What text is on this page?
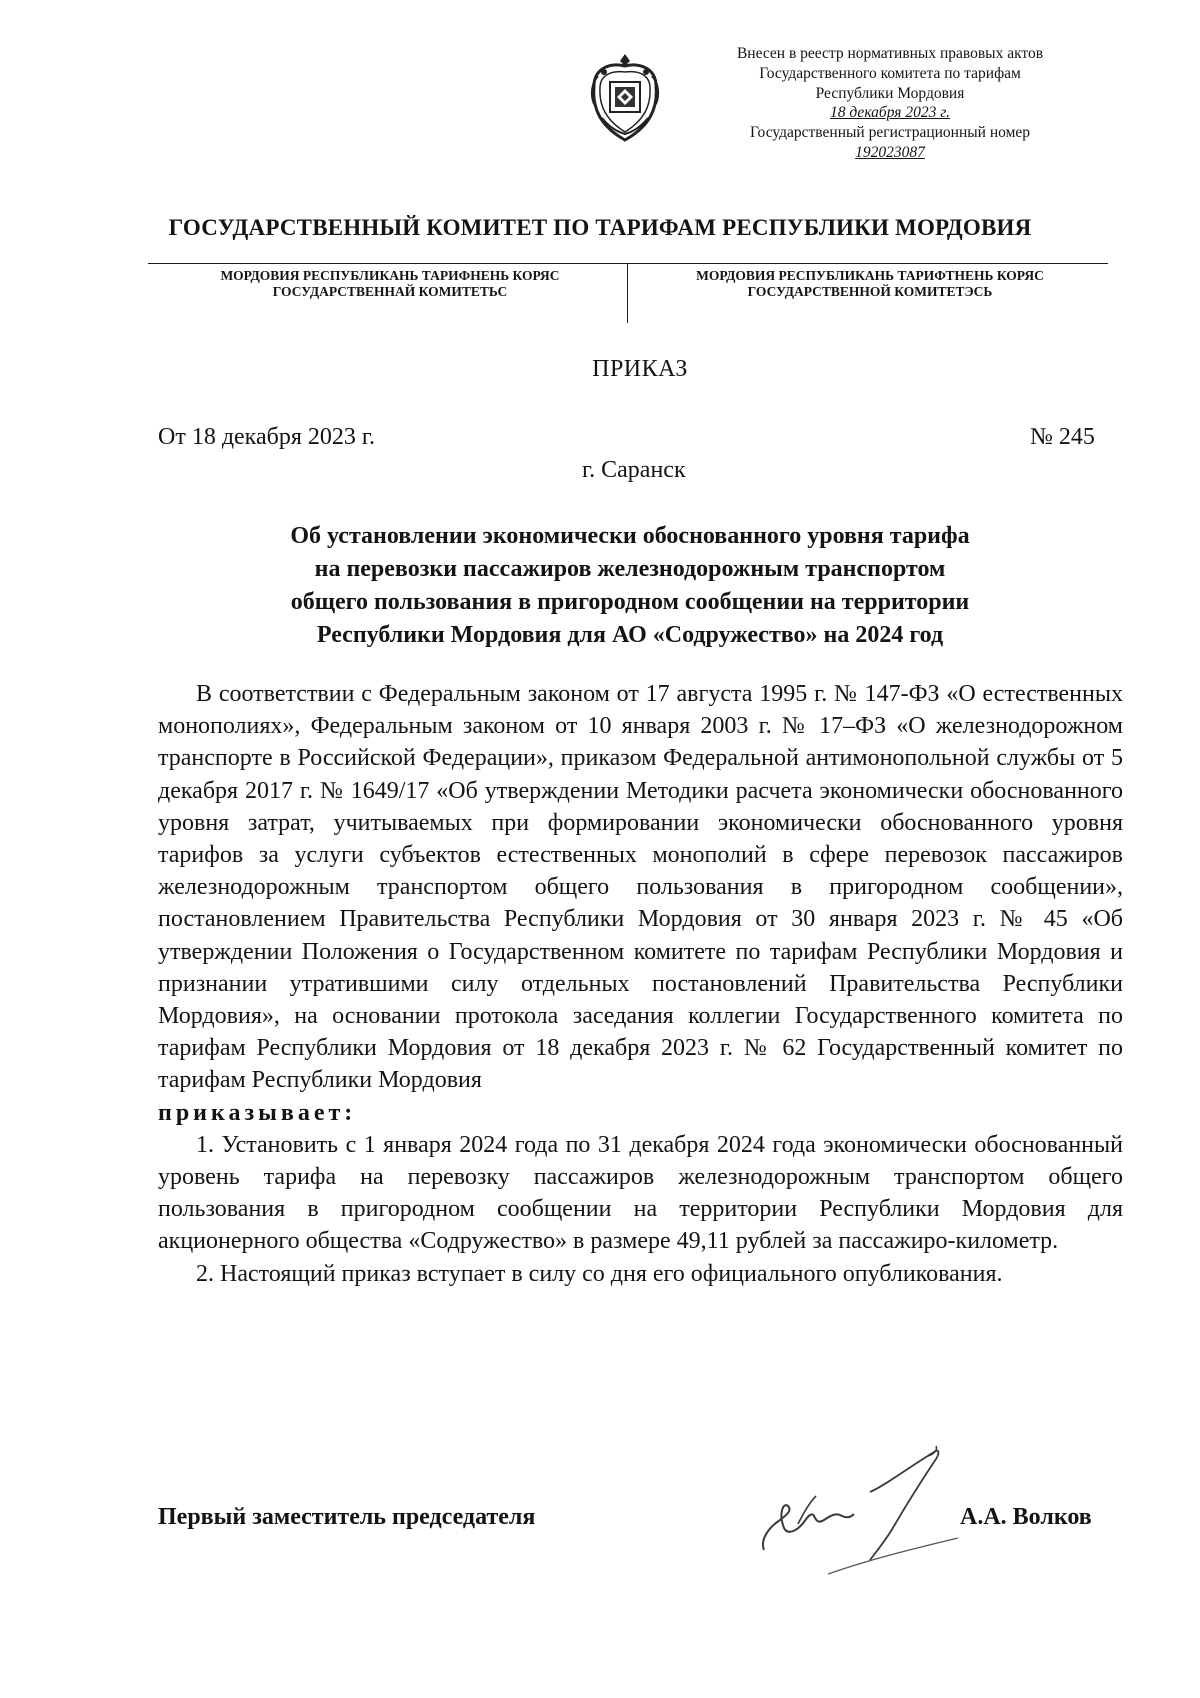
Внесен в реестр нормативных правовых актов
Государственного комитета по тарифам
Республики Мордовия
18 декабря 2023 г.
Государственный регистрационный номер
192023087
ГОСУДАРСТВЕННЫЙ КОМИТЕТ ПО ТАРИФАМ РЕСПУБЛИКИ МОРДОВИЯ
МОРДОВИЯ РЕСПУБЛИКАНЬ ТАРИФНЕНЬ КОРЯС
ГОСУДАРСТВЕННАЙ КОМИТЕТЬС
МОРДОВИЯ РЕСПУБЛИКАНЬ ТАРИФТНЕНЬ КОРЯС
ГОСУДАРСТВЕННОЙ КОМИТЕТЭСЬ
ПРИКАЗ
От 18 декабря 2023 г.	№ 245
г. Саранск
Об установлении экономически обоснованного уровня тарифа
на перевозки пассажиров железнодорожным транспортом
общего пользования в пригородном сообщении на территории
Республики Мордовия для АО «Содружество» на 2024 год

В соответствии с Федеральным законом от 17 августа 1995 г. № 147-ФЗ «О естественных монополиях», Федеральным законом от 10 января 2003 г. № 17–ФЗ «О железнодорожном транспорте в Российской Федерации», приказом Федеральной антимонопольной службы от 5 декабря 2017 г. № 1649/17 «Об утверждении Методики расчета экономически обоснованного уровня затрат, учитываемых при формировании экономически обоснованного уровня тарифов за услуги субъектов естественных монополий в сфере перевозок пассажиров железнодорожным транспортом общего пользования в пригородном сообщении», постановлением Правительства Республики Мордовия от 30 января 2023 г. № 45 «Об утверждении Положения о Государственном комитете по тарифам Республики Мордовия и признании утратившими силу отдельных постановлений Правительства Республики Мордовия», на основании протокола заседания коллегии Государственного комитета по тарифам Республики Мордовия от 18 декабря 2023 г. № 62 Государственный комитет по тарифам Республики Мордовия

приказывает:

1. Установить с 1 января 2024 года по 31 декабря 2024 года экономически обоснованный уровень тарифа на перевозку пассажиров железнодорожным транспортом общего пользования в пригородном сообщении на территории Республики Мордовия для акционерного общества «Содружество» в размере 49,11 рублей за пассажиро-километр.

2. Настоящий приказ вступает в силу со дня его официального опубликования.

Первый заместитель председателя	А.А. Волков
